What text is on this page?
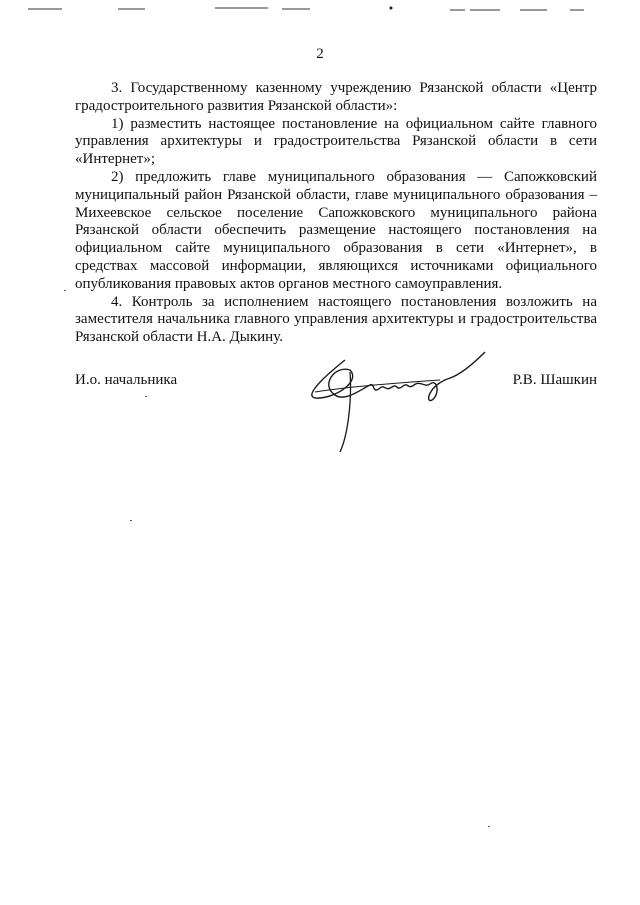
2

3. Государственному казенному учреждению Рязанской области «Центр градостроительного развития Рязанской области»:

1) разместить настоящее постановление на официальном сайте главного управления архитектуры и градостроительства Рязанской области в сети «Интернет»;

2) предложить главе муниципального образования — Сапожковский муниципальный район Рязанской области, главе муниципального образования – Михеевское сельское поселение Сапожковского муниципального района Рязанской области обеспечить размещение настоящего постановления на официальном сайте муниципального образования в сети «Интернет», в средствах массовой информации, являющихся источниками официального опубликования правовых актов органов местного самоуправления.

4. Контроль за исполнением настоящего постановления возложить на заместителя начальника главного управления архитектуры и градостроительства Рязанской области Н.А. Дыкину.

И.о. начальника	Р.В. Шашкин
